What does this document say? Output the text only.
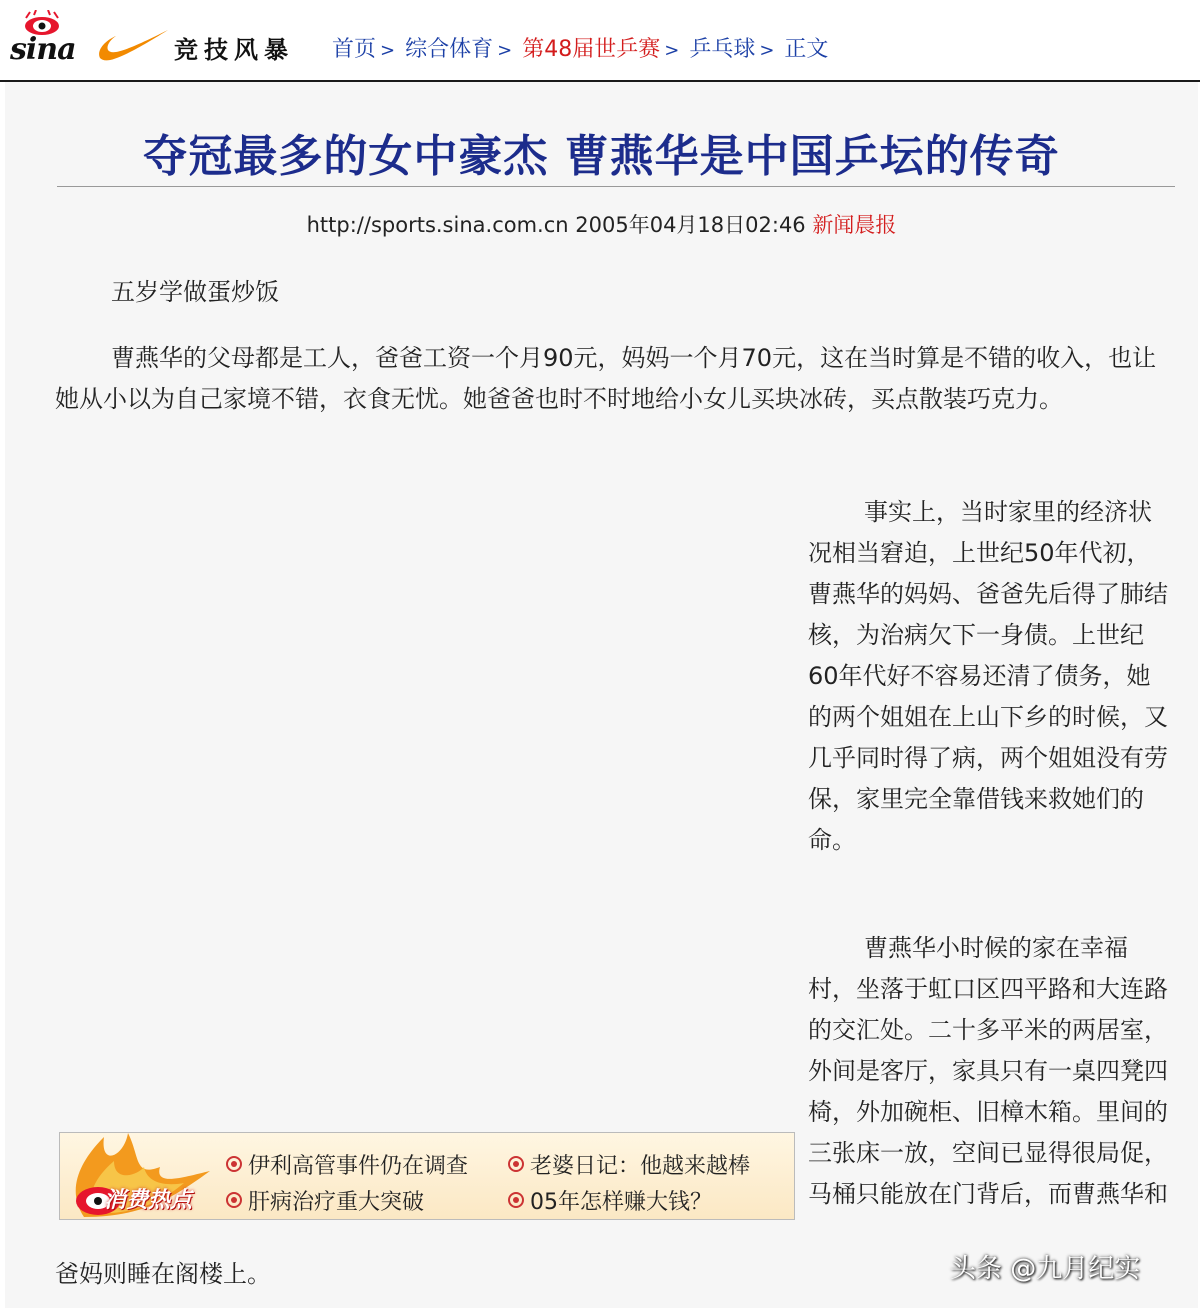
sina	竞技风暴 首页 > 综合体育 > 第48届世乒赛 > 乒乓球 > 正文
夺冠最多的女中豪杰 曹燕华是中国乒坛的传奇
http://sports.sina.com.cn 2005年04月18日02:46 新闻晨报
五岁学做蛋炒饭
曹燕华的父母都是工人，爸爸工资一个月90元，妈妈一个月70元，这在当时算是不错的收入，也让她从小以为自己家境不错，衣食无忧。她爸爸也时不时地给小女儿买块冰砖，买点散装巧克力。
事实上，当时家里的经济状况相当窘迫，上世纪50年代初，曹燕华的妈妈、爸爸先后得了肺结核，为治病欠下一身债。上世纪60年代好不容易还清了债务，她的两个姐姐在上山下乡的时候，又几乎同时得了病，两个姐姐没有劳保，家里完全靠借钱来救她们的命。
曹燕华小时候的家在幸福村，坐落于虹口区四平路和大连路的交汇处。二十多平米的两居室，外间是客厅，家具只有一桌四凳四椅，外加碗柜、旧樟木箱。里间的三张床一放，空间已显得很局促，马桶只能放在门背后，而曹燕华和
消费热点
伊利高管事件仍在调查	老婆日记：他越来越棒
肝病治疗重大突破	05年怎样赚大钱？
爸妈则睡在阁楼上。	头条 @九月纪实
